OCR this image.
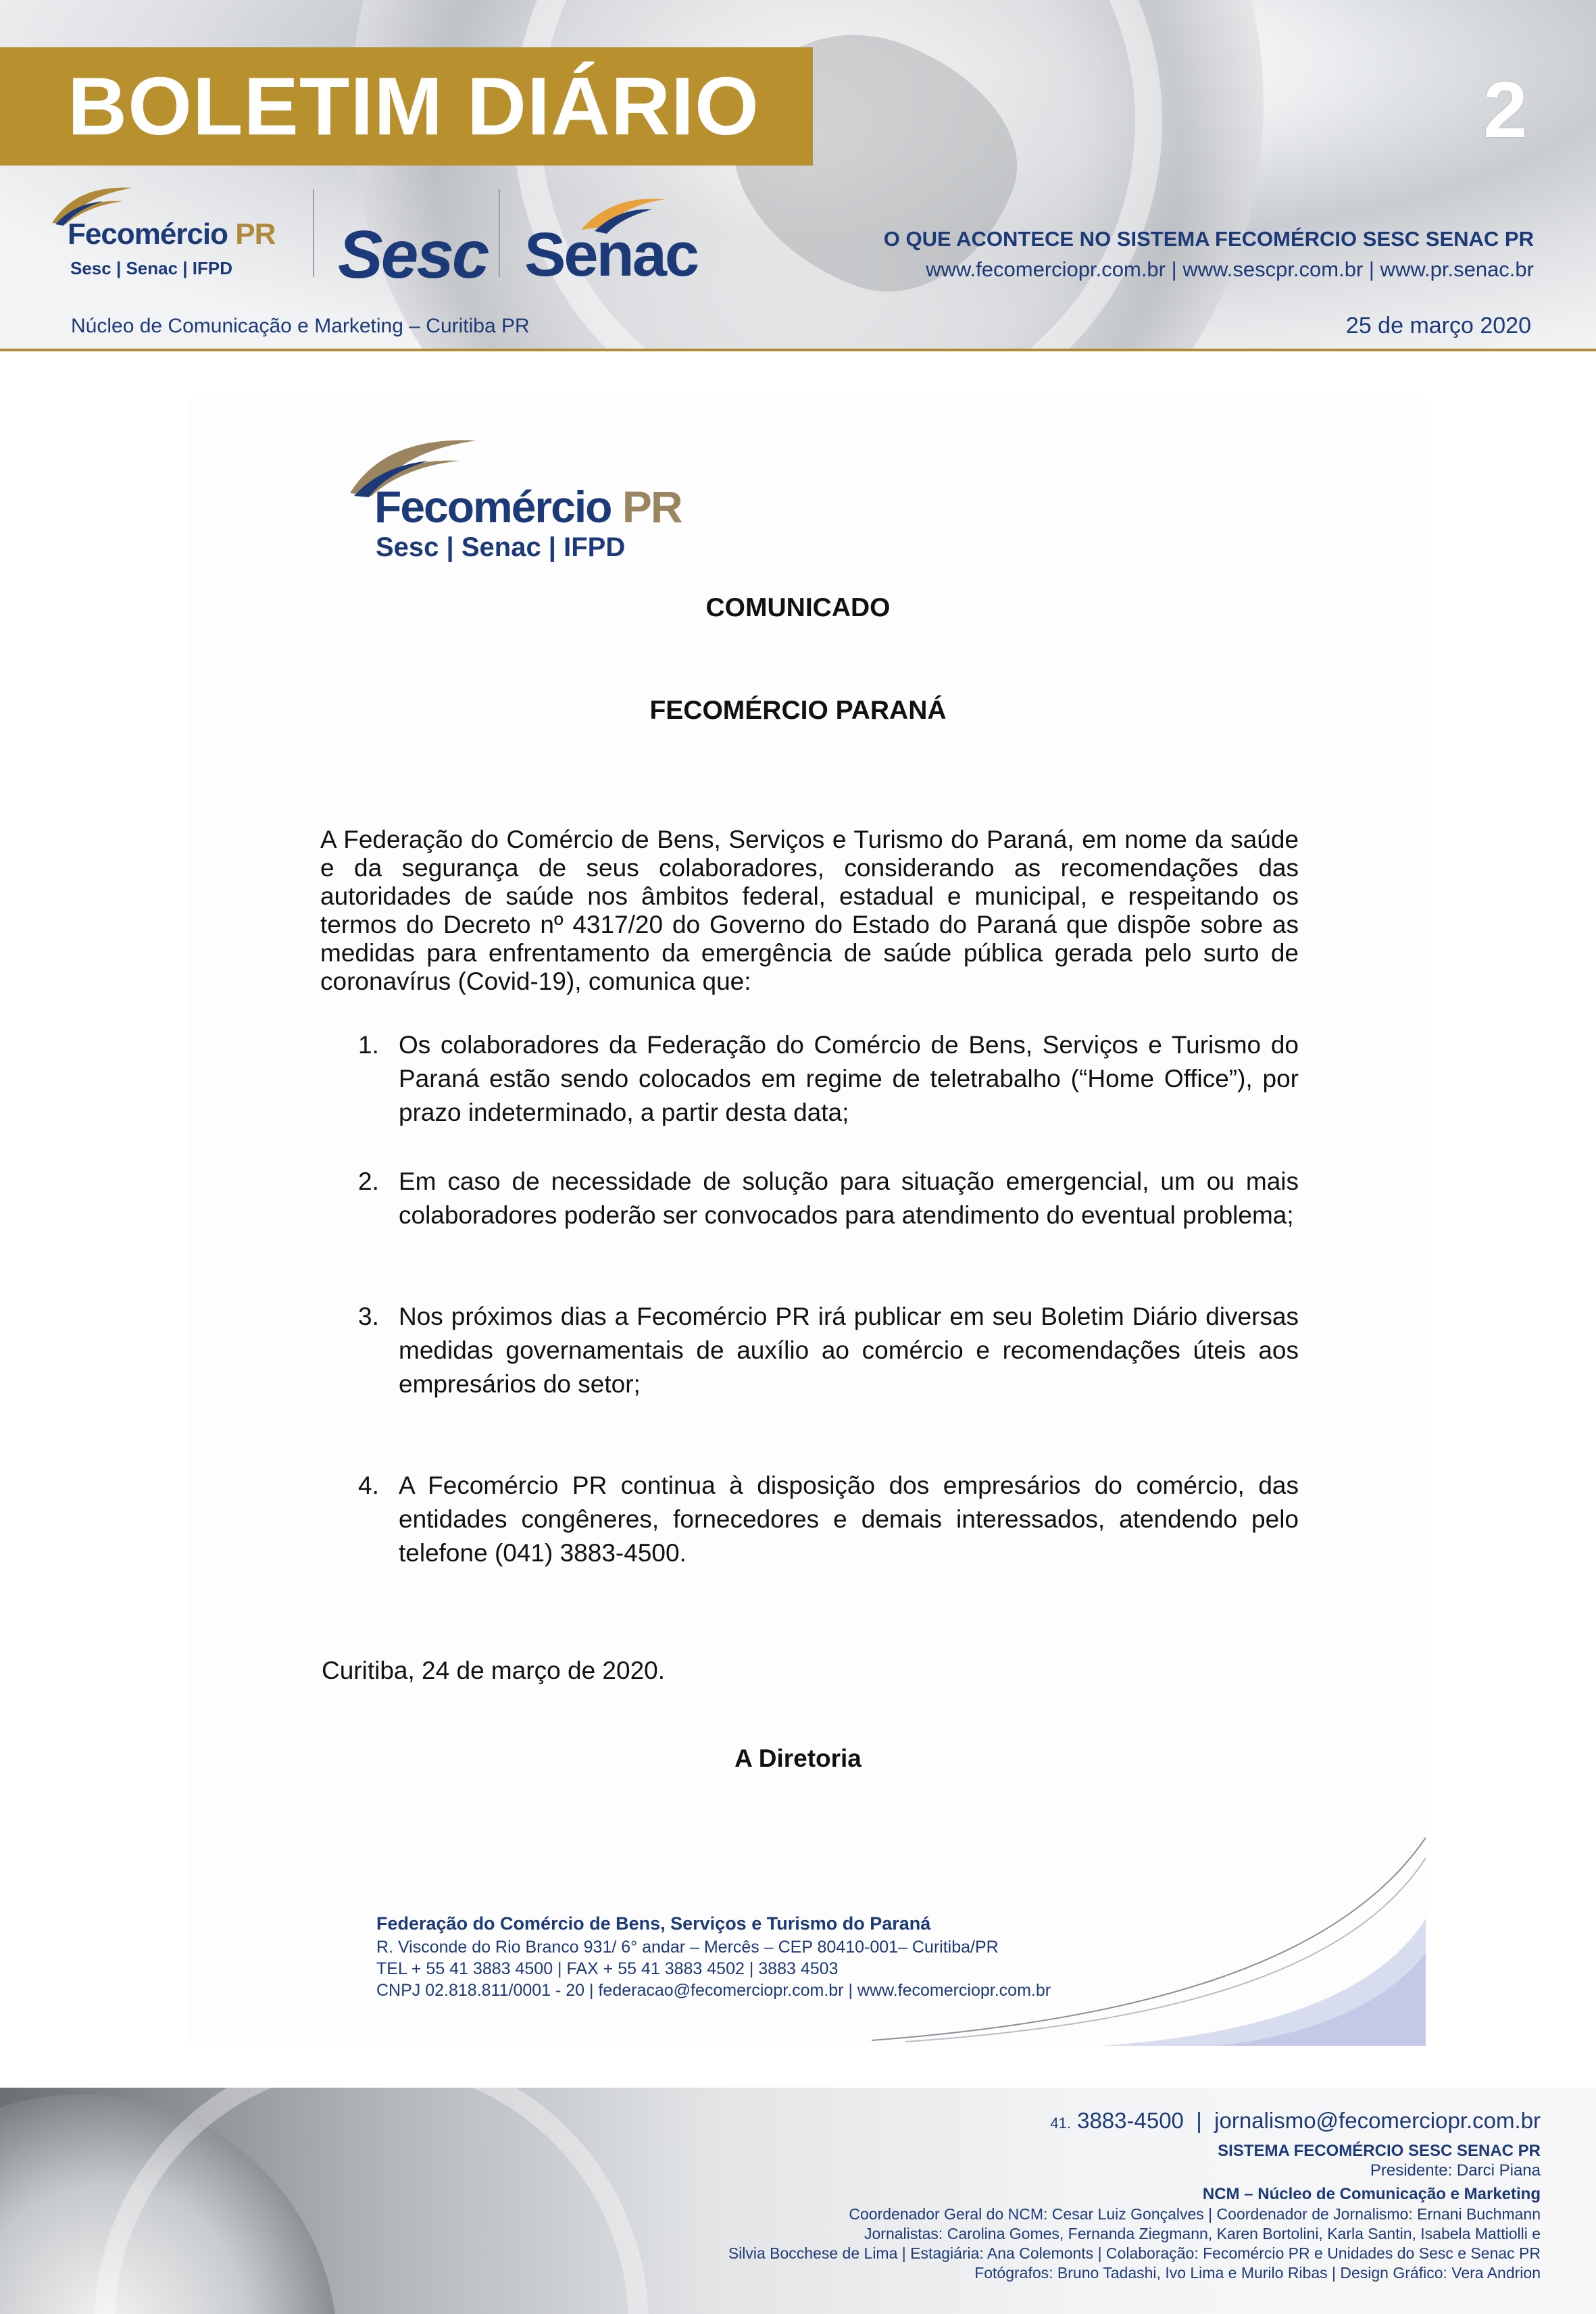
BOLETIM DIÁRIO	2
Fecomércio PR
Sesc | Senac | IFPD Sesc Senac	O QUE ACONTECE NO SISTEMA FECOMÉRCIO SESC SENAC PR
www.fecomerciopr.com.br | www.sescpr.com.br | www.pr.senac.br
Núcleo de Comunicação e Marketing – Curitiba PR	25 de março 2020
Fecomércio PR
Sesc | Senac | IFPD
COMUNICADO
FECOMÉRCIO PARANÁ
A Federação do Comércio de Bens, Serviços e Turismo do Paraná, em nome da saúde e da segurança de seus colaboradores, considerando as recomendações das autoridades de saúde nos âmbitos federal, estadual e municipal, e respeitando os termos do Decreto nº 4317/20 do Governo do Estado do Paraná que dispõe sobre as medidas para enfrentamento da emergência de saúde pública gerada pelo surto de coronavírus (Covid-19), comunica que:
1. Os colaboradores da Federação do Comércio de Bens, Serviços e Turismo do Paraná estão sendo colocados em regime de teletrabalho (“Home Office”), por prazo indeterminado, a partir desta data;
2. Em caso de necessidade de solução para situação emergencial, um ou mais colaboradores poderão ser convocados para atendimento do eventual problema;
3. Nos próximos dias a Fecomércio PR irá publicar em seu Boletim Diário diversas medidas governamentais de auxílio ao comércio e recomendações úteis aos empresários do setor;
4. A Fecomércio PR continua à disposição dos empresários do comércio, das entidades congêneres, fornecedores e demais interessados, atendendo pelo telefone (041) 3883-4500.
Curitiba, 24 de março de 2020.
A Diretoria
Federação do Comércio de Bens, Serviços e Turismo do Paraná
R. Visconde do Rio Branco 931/ 6° andar – Mercês – CEP 80410-001– Curitiba/PR
TEL + 55 41 3883 4500 | FAX + 55 41 3883 4502 | 3883 4503
CNPJ 02.818.811/0001 - 20 | federacao@fecomerciopr.com.br | www.fecomerciopr.com.br
41. 3883-4500  |  jornalismo@fecomerciopr.com.br
SISTEMA FECOMÉRCIO SESC SENAC PR
Presidente: Darci Piana
NCM – Núcleo de Comunicação e Marketing
Coordenador Geral do NCM: Cesar Luiz Gonçalves | Coordenador de Jornalismo: Ernani Buchmann
Jornalistas: Carolina Gomes, Fernanda Ziegmann, Karen Bortolini, Karla Santin, Isabela Mattiolli e
Silvia Bocchese de Lima | Estagiária: Ana Colemonts | Colaboração: Fecomércio PR e Unidades do Sesc e Senac PR
Fotógrafos: Bruno Tadashi, Ivo Lima e Murilo Ribas | Design Gráfico: Vera Andrion
